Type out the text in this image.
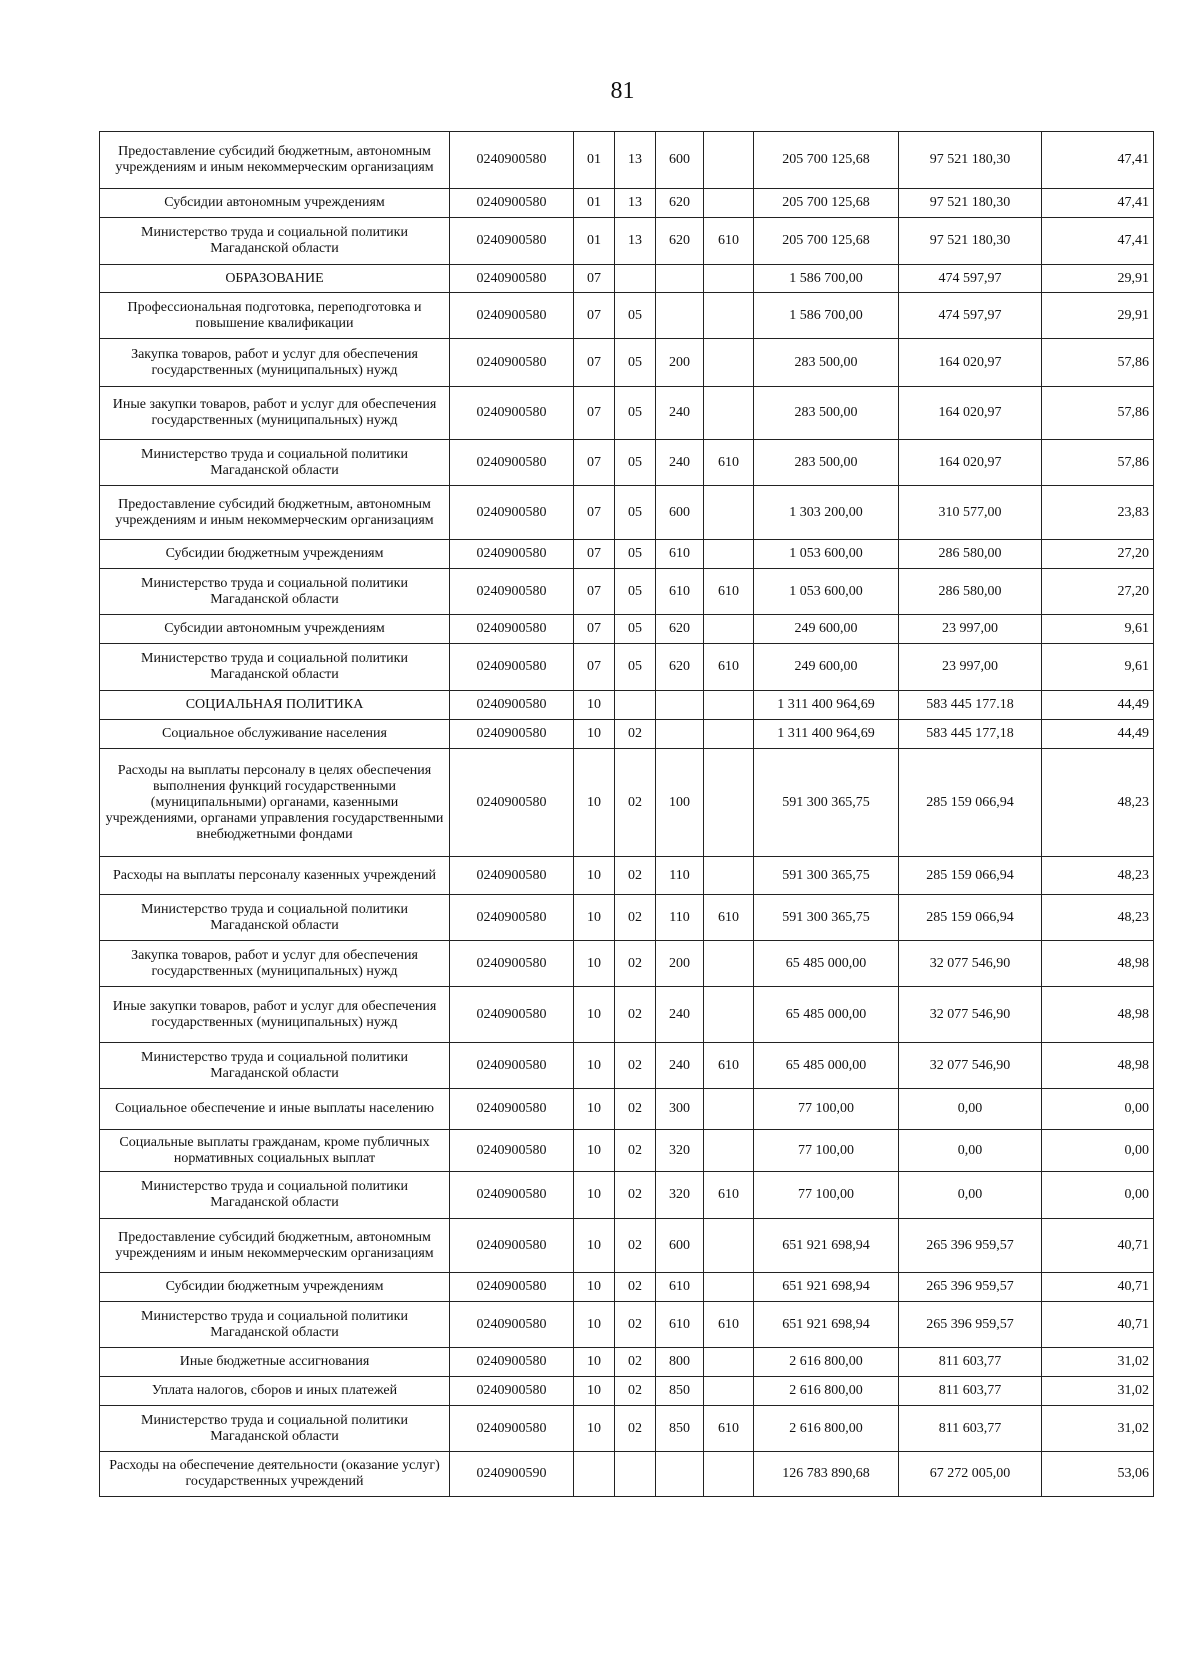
81
Предоставление субсидий бюджетным, автономным учреждениям и иным некоммерческим организациям	0240900580	01	13	600		205 700 125,68	97 521 180,30	47,41
Субсидии автономным учреждениям	0240900580	01	13	620		205 700 125,68	97 521 180,30	47,41
Министерство труда и социальной политики Магаданской области	0240900580	01	13	620	610	205 700 125,68	97 521 180,30	47,41
ОБРАЗОВАНИЕ	0240900580	07				1 586 700,00	474 597,97	29,91
Профессиональная подготовка, переподготовка и повышение квалификации	0240900580	07	05			1 586 700,00	474 597,97	29,91
Закупка товаров, работ и услуг для обеспечения государственных (муниципальных) нужд	0240900580	07	05	200		283 500,00	164 020,97	57,86
Иные закупки товаров, работ и услуг для обеспечения государственных (муниципальных) нужд	0240900580	07	05	240		283 500,00	164 020,97	57,86
Министерство труда и социальной политики Магаданской области	0240900580	07	05	240	610	283 500,00	164 020,97	57,86
Предоставление субсидий бюджетным, автономным учреждениям и иным некоммерческим организациям	0240900580	07	05	600		1 303 200,00	310 577,00	23,83
Субсидии бюджетным учреждениям	0240900580	07	05	610		1 053 600,00	286 580,00	27,20
Министерство труда и социальной политики Магаданской области	0240900580	07	05	610	610	1 053 600,00	286 580,00	27,20
Субсидии автономным учреждениям	0240900580	07	05	620		249 600,00	23 997,00	9,61
Министерство труда и социальной политики Магаданской области	0240900580	07	05	620	610	249 600,00	23 997,00	9,61
СОЦИАЛЬНАЯ ПОЛИТИКА	0240900580	10				1 311 400 964,69	583 445 177.18	44,49
Социальное обслуживание населения	0240900580	10	02			1 311 400 964,69	583 445 177,18	44,49
Расходы на выплаты персоналу в целях обеспечения выполнения функций государственными (муниципальными) органами, казенными учреждениями, органами управления государственными внебюджетными фондами	0240900580	10	02	100		591 300 365,75	285 159 066,94	48,23
Расходы на выплаты персоналу казенных учреждений	0240900580	10	02	110		591 300 365,75	285 159 066,94	48,23
Министерство труда и социальной политики Магаданской области	0240900580	10	02	110	610	591 300 365,75	285 159 066,94	48,23
Закупка товаров, работ и услуг для обеспечения государственных (муниципальных) нужд	0240900580	10	02	200		65 485 000,00	32 077 546,90	48,98
Иные закупки товаров, работ и услуг для обеспечения государственных (муниципальных) нужд	0240900580	10	02	240		65 485 000,00	32 077 546,90	48,98
Министерство труда и социальной политики Магаданской области	0240900580	10	02	240	610	65 485 000,00	32 077 546,90	48,98
Социальное обеспечение и иные выплаты населению	0240900580	10	02	300		77 100,00	0,00	0,00
Социальные выплаты гражданам, кроме публичных нормативных социальных выплат	0240900580	10	02	320		77 100,00	0,00	0,00
Министерство труда и социальной политики Магаданской области	0240900580	10	02	320	610	77 100,00	0,00	0,00
Предоставление субсидий бюджетным, автономным учреждениям и иным некоммерческим организациям	0240900580	10	02	600		651 921 698,94	265 396 959,57	40,71
Субсидии бюджетным учреждениям	0240900580	10	02	610		651 921 698,94	265 396 959,57	40,71
Министерство труда и социальной политики Магаданской области	0240900580	10	02	610	610	651 921 698,94	265 396 959,57	40,71
Иные бюджетные ассигнования	0240900580	10	02	800		2 616 800,00	811 603,77	31,02
Уплата налогов, сборов и иных платежей	0240900580	10	02	850		2 616 800,00	811 603,77	31,02
Министерство труда и социальной политики Магаданской области	0240900580	10	02	850	610	2 616 800,00	811 603,77	31,02
Расходы на обеспечение деятельности (оказание услуг) государственных учреждений	0240900590					126 783 890,68	67 272 005,00	53,06
